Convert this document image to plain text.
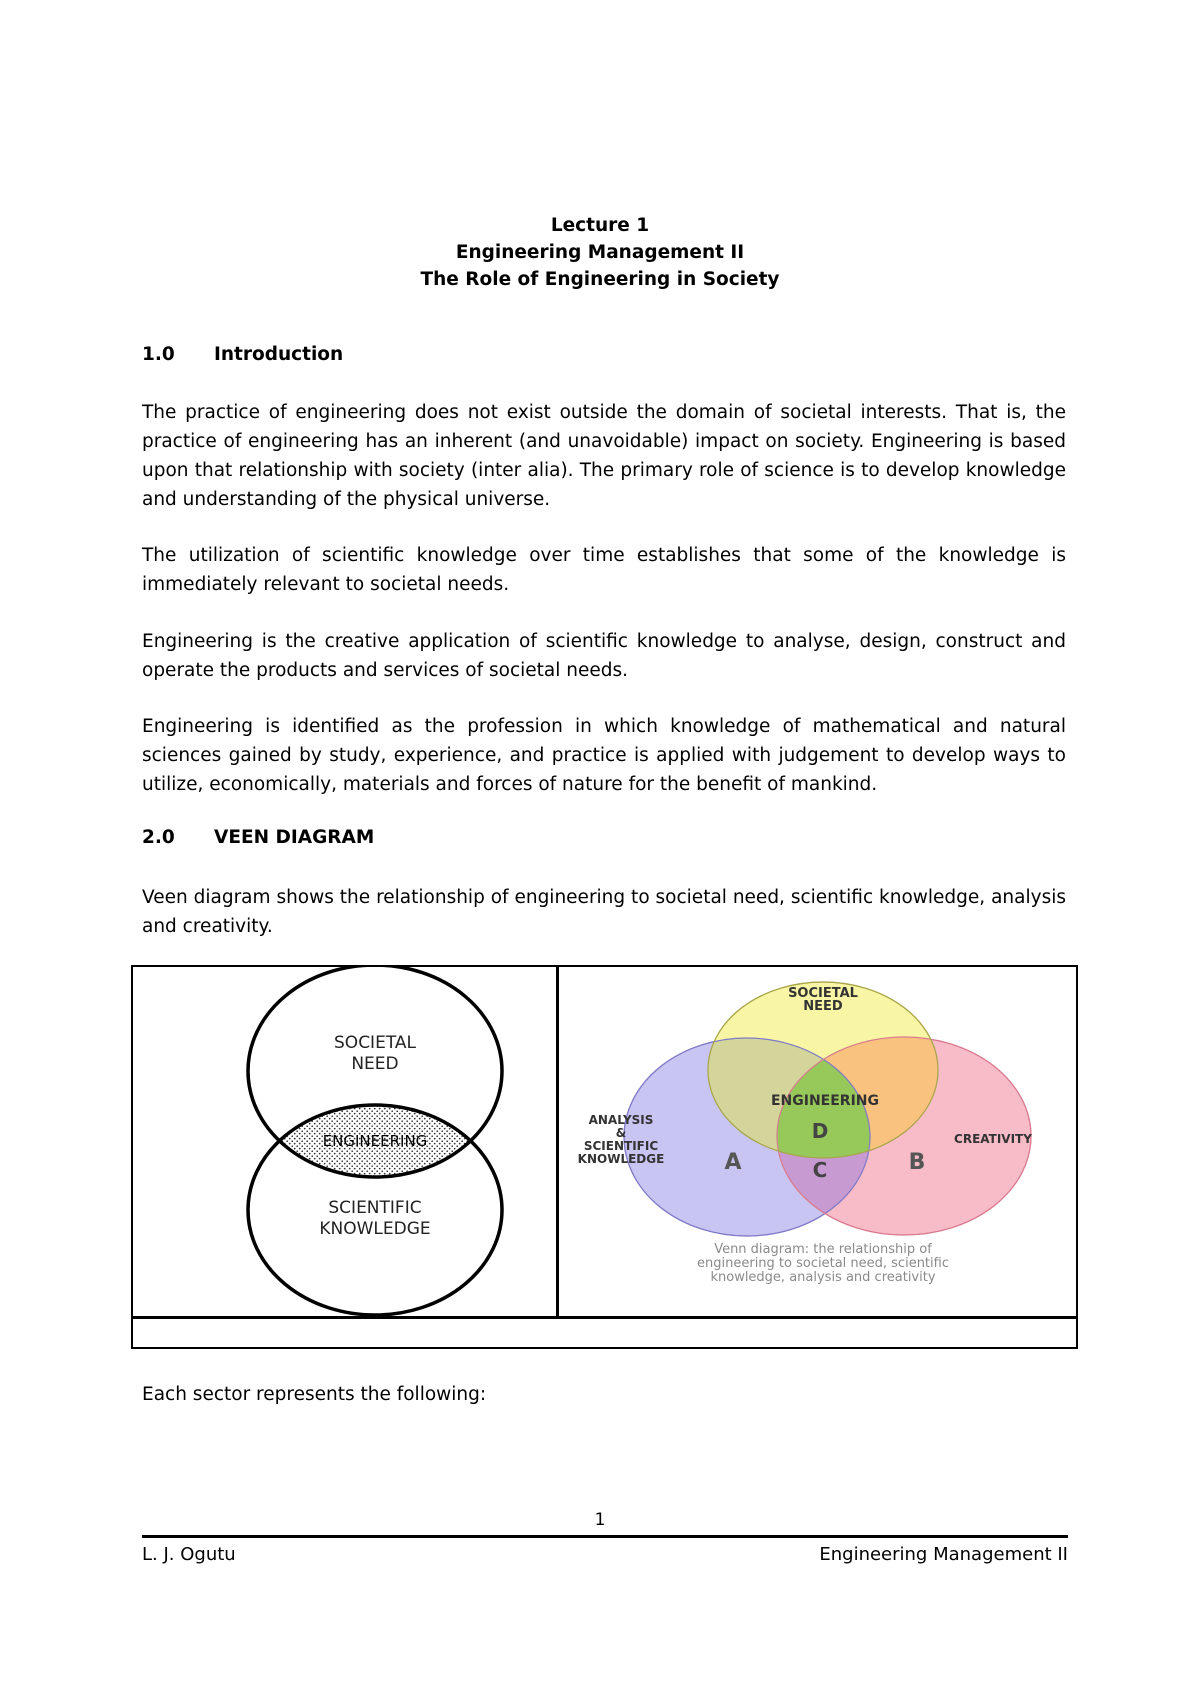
Lecture 1
Engineering Management II
The Role of Engineering in Society
1.0 Introduction
The practice of engineering does not exist outside the domain of societal interests. That is, the practice of engineering has an inherent (and unavoidable) impact on society. Engineering is based upon that relationship with society (inter alia). The primary role of science is to develop knowledge and understanding of the physical universe.
The utilization of scientific knowledge over time establishes that some of the knowledge is immediately relevant to societal needs.
Engineering is the creative application of scientific knowledge to analyse, design, construct and operate the products and services of societal needs.
Engineering is identified as the profession in which knowledge of mathematical and natural sciences gained by study, experience, and practice is applied with judgement to develop ways to utilize, economically, materials and forces of nature for the benefit of mankind.
2.0 VEEN DIAGRAM
Veen diagram shows the relationship of engineering to societal need, scientific knowledge, analysis and creativity.
SOCIETAL
NEED
ENGINEERING
SCIENTIFIC
KNOWLEDGE
SOCIETAL
NEED
ENGINEERING
ANALYSIS
&
SCIENTIFIC
KNOWLEDGE
CREATIVITY
A	B
D
C
Venn diagram: the relationship of
engineering to societal need, scientific
knowledge, analysis and creativity
Each sector represents the following:
1
L. J. Ogutu	Engineering Management II
